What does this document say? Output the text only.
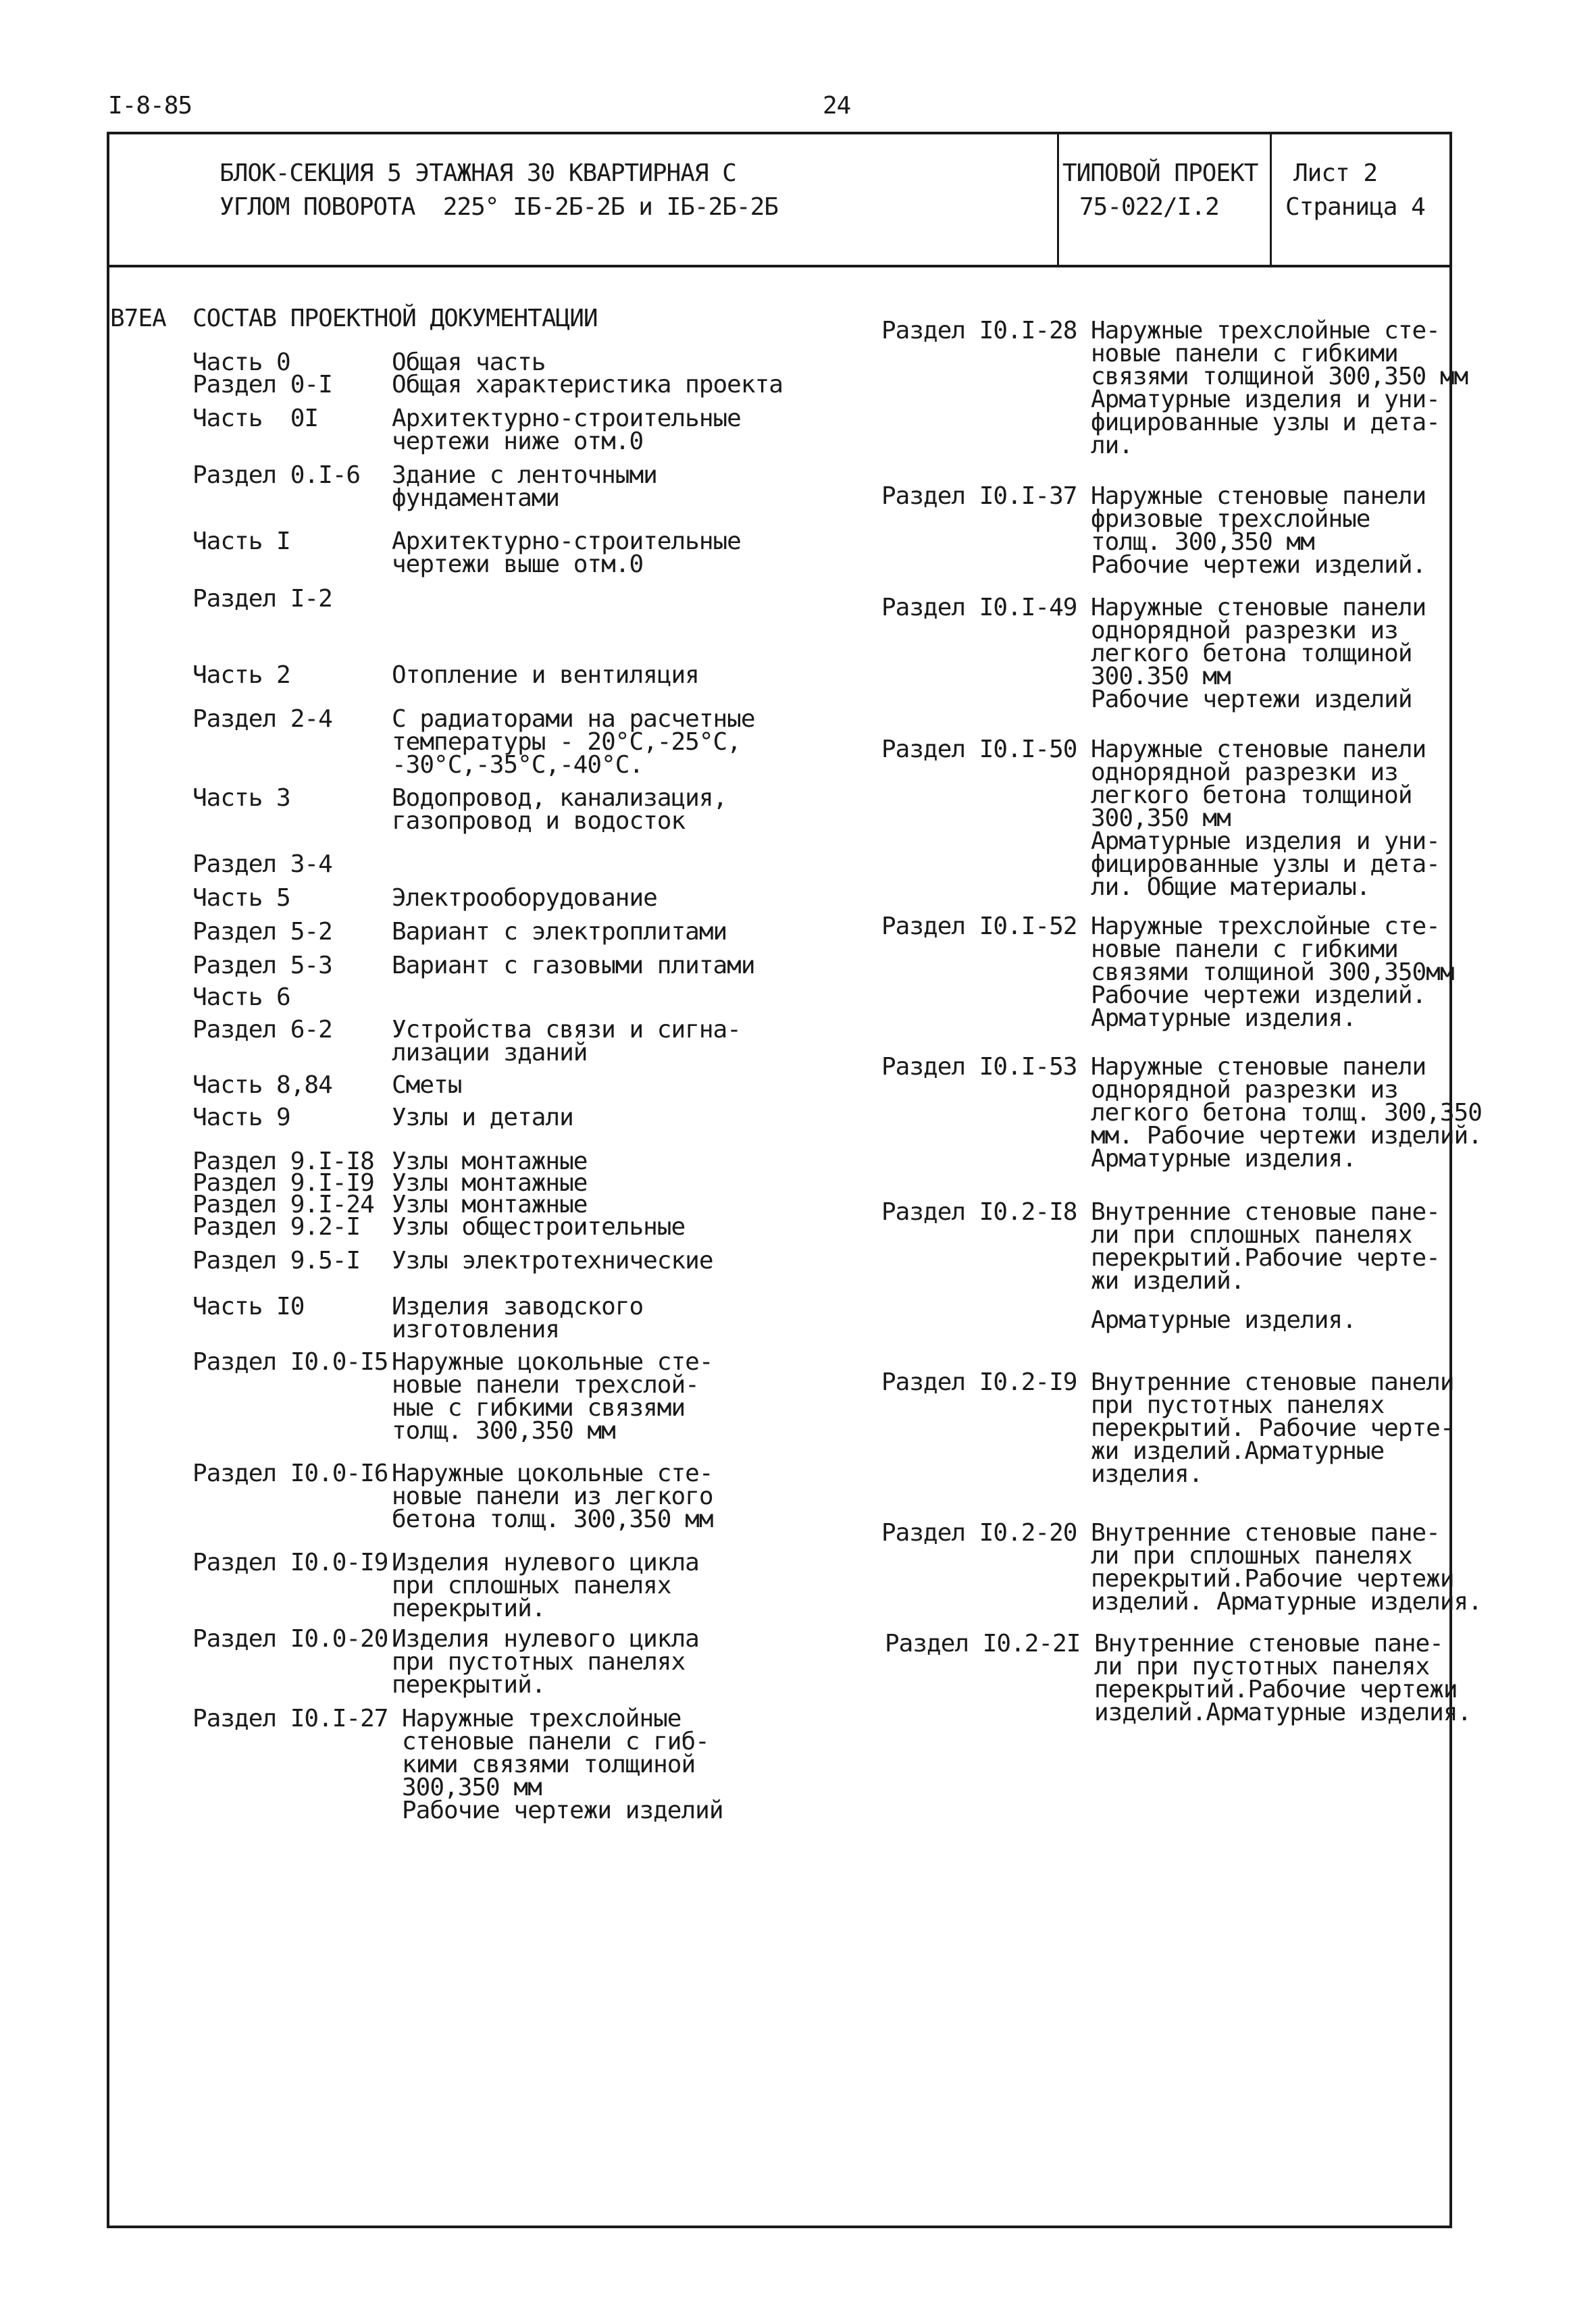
I-8-85	24
БЛОК-СЕКЦИЯ 5 ЭТАЖНАЯ 30 КВАРТИРНАЯ С
УГЛОМ ПОВОРОТА  225° IБ-2Б-2Б и IБ-2Б-2Б
ТИПОВОЙ ПРОЕКТ
75-022/I.2
Лист 2
Страница 4
В7ЕА СОСТАВ ПРОЕКТНОЙ ДОКУМЕНТАЦИИ
Часть 0	Общая часть
Раздел 0-I	Общая характеристика проекта
Часть  0I	Архитектурно-строительные
чертежи ниже отм.0
Раздел 0.I-6	Здание с ленточными
фундаментами
Часть I	Архитектурно-строительные
чертежи выше отм.0
Раздел I-2
Часть 2	Отопление и вентиляция
Раздел 2-4	С радиаторами на расчетные
температуры - 20°C,-25°C,
-30°C,-35°C,-40°C.
Часть 3	Водопровод, канализация,
газопровод и водосток
Раздел 3-4
Часть 5	Электрооборудование
Раздел 5-2	Вариант с электроплитами
Раздел 5-3	Вариант с газовыми плитами
Часть 6
Раздел 6-2	Устройства связи и сигна-
лизации зданий
Часть 8,84	Сметы
Часть 9	Узлы и детали
Раздел 9.I-I8 Узлы монтажные
Раздел 9.I-I9 Узлы монтажные
Раздел 9.I-24 Узлы монтажные
Раздел 9.2-I	Узлы общестроительные
Раздел 9.5-I	Узлы электротехнические
Часть I0	Изделия заводского
изготовления
Раздел I0.0-I5 Наружные цокольные сте-
новые панели трехслой-
ные с гибкими связями
толщ. 300,350 мм
Раздел I0.0-I6 Наружные цокольные сте-
новые панели из легкого
бетона толщ. 300,350 мм
Раздел I0.0-I9 Изделия нулевого цикла
при сплошных панелях
перекрытий.
Раздел I0.0-20 Изделия нулевого цикла
при пустотных панелях
перекрытий.
Раздел I0.I-27 Наружные трехслойные
стеновые панели с гиб-
кими связями толщиной
300,350 мм
Рабочие чертежи изделий
Раздел I0.I-28 Наружные трехслойные сте-
новые панели с гибкими
связями толщиной 300,350 мм
Арматурные изделия и уни-
фицированные узлы и дета-
ли.
Раздел I0.I-37 Наружные стеновые панели
фризовые трехслойные
толщ. 300,350 мм
Рабочие чертежи изделий.
Раздел I0.I-49 Наружные стеновые панели
однорядной разрезки из
легкого бетона толщиной
300.350 мм
Рабочие чертежи изделий
Раздел I0.I-50 Наружные стеновые панели
однорядной разрезки из
легкого бетона толщиной
300,350 мм
Арматурные изделия и уни-
фицированные узлы и дета-
ли. Общие материалы.
Раздел I0.I-52 Наружные трехслойные сте-
новые панели с гибкими
связями толщиной 300,350мм
Рабочие чертежи изделий.
Арматурные изделия.
Раздел I0.I-53 Наружные стеновые панели
однорядной разрезки из
легкого бетона толщ. 300,350
мм. Рабочие чертежи изделий.
Арматурные изделия.
Раздел I0.2-I8 Внутренние стеновые пане-
ли при сплошных панелях
перекрытий.Рабочие черте-
жи изделий.
Арматурные изделия.
Раздел I0.2-I9 Внутренние стеновые панели
при пустотных панелях
перекрытий. Рабочие черте-
жи изделий.Арматурные
изделия.
Раздел I0.2-20 Внутренние стеновые пане-
ли при сплошных панелях
перекрытий.Рабочие чертежи
изделий. Арматурные изделия.
Раздел I0.2-2I Внутренние стеновые пане-
ли при пустотных панелях
перекрытий.Рабочие чертежи
изделий.Арматурные изделия.
